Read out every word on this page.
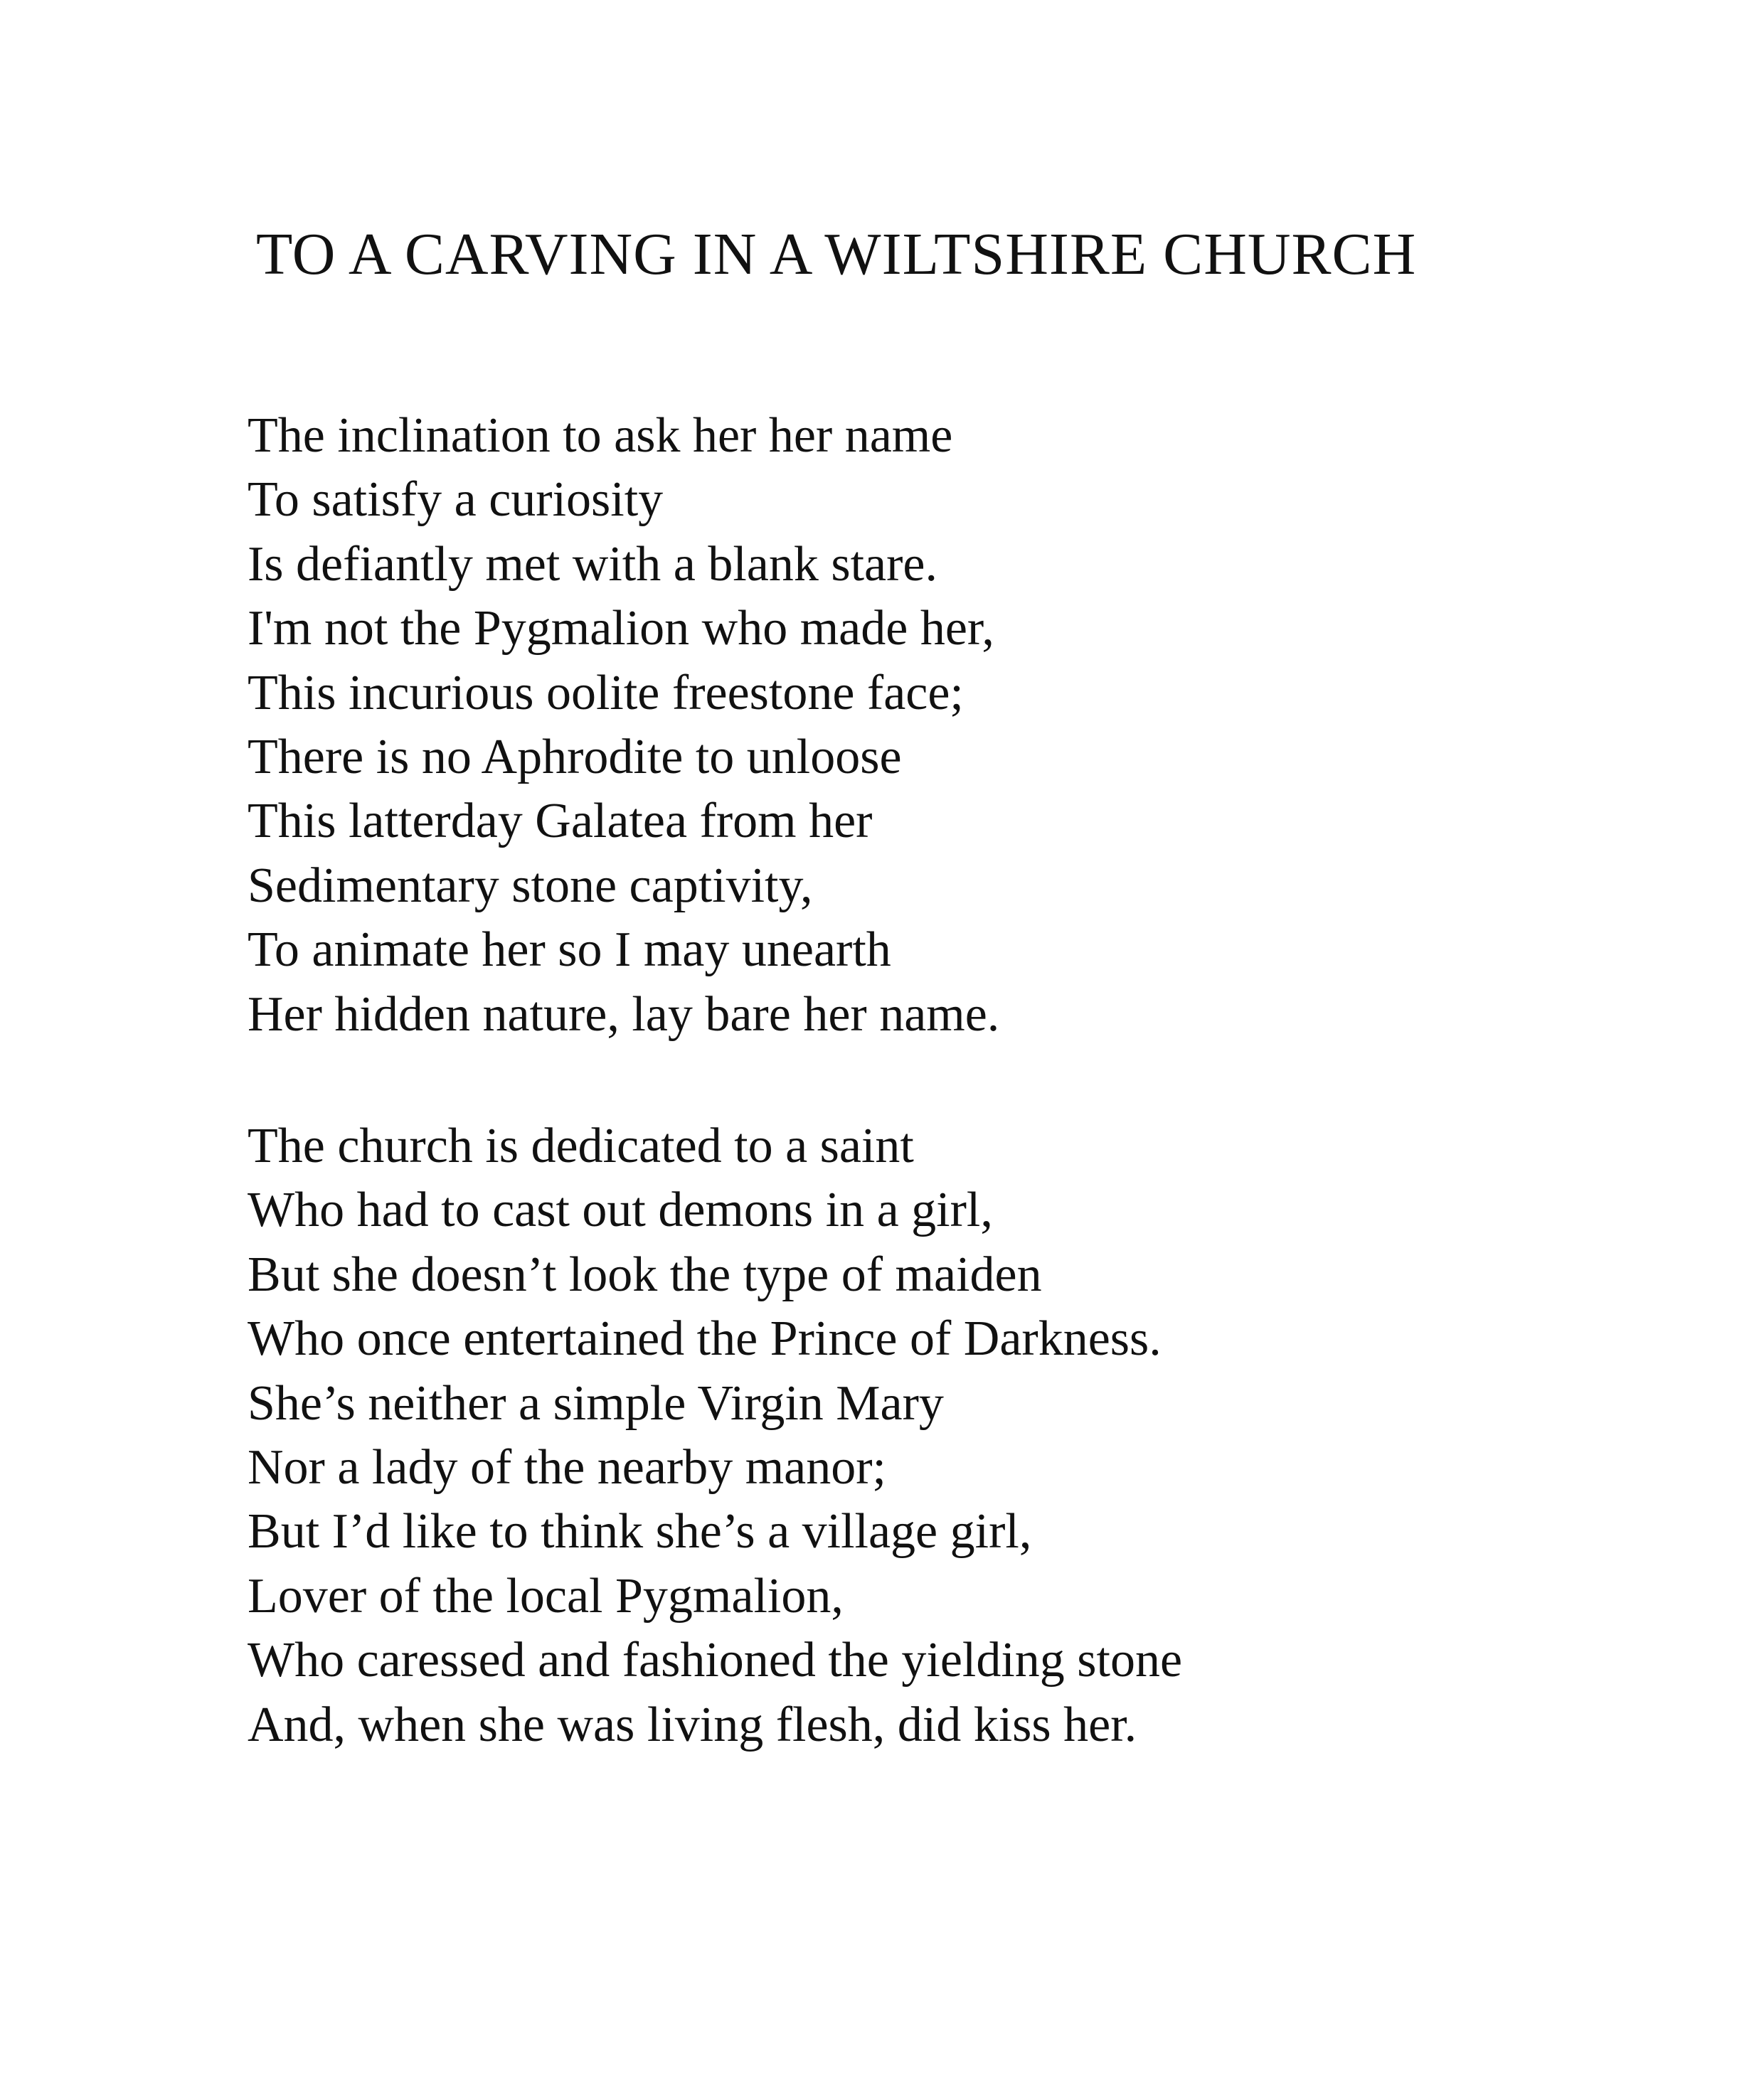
TO A CARVING IN A WILTSHIRE CHURCH
The inclination to ask her her name
To satisfy a curiosity
Is defiantly met with a blank stare.
I'm not the Pygmalion who made her,
This incurious oolite freestone face;
There is no Aphrodite to unloose
This latterday Galatea from her
Sedimentary stone captivity,
To animate her so I may unearth
Her hidden nature, lay bare her name.
The church is dedicated to a saint
Who had to cast out demons in a girl,
But she doesn’t look the type of maiden
Who once entertained the Prince of Darkness.
She’s neither a simple Virgin Mary
Nor a lady of the nearby manor;
But I’d like to think she’s a village girl,
Lover of the local Pygmalion,
Who caressed and fashioned the yielding stone
And, when she was living flesh, did kiss her.
